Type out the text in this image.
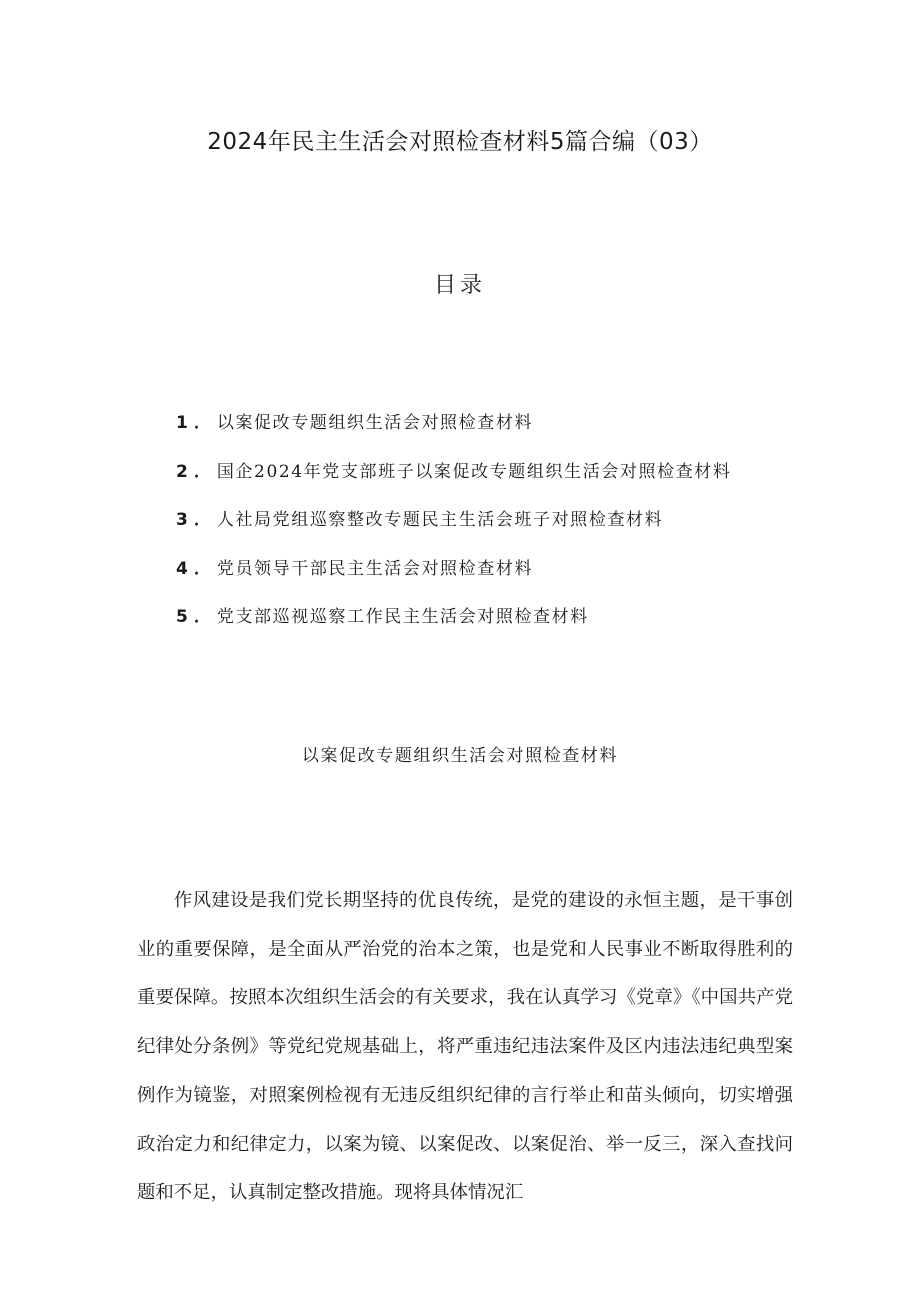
2024年民主生活会对照检查材料5篇合编（03）
目录
1．以案促改专题组织生活会对照检查材料
2．国企2024年党支部班子以案促改专题组织生活会对照检查材料
3．人社局党组巡察整改专题民主生活会班子对照检查材料
4．党员领导干部民主生活会对照检查材料
5．党支部巡视巡察工作民主生活会对照检查材料
以案促改专题组织生活会对照检查材料

作风建设是我们党长期坚持的优良传统，是党的建设的永恒主题，是干事创业的重要保障，是全面从严治党的治本之策，也是党和人民事业不断取得胜利的重要保障。按照本次组织生活会的有关要求，我在认真学习《党章》《中国共产党纪律处分条例》等党纪党规基础上，将严重违纪违法案件及区内违法违纪典型案例作为镜鉴，对照案例检视有无违反组织纪律的言行举止和苗头倾向，切实增强政治定力和纪律定力，以案为镜、以案促改、以案促治、举一反三，深入查找问题和不足，认真制定整改措施。现将具体情况汇
